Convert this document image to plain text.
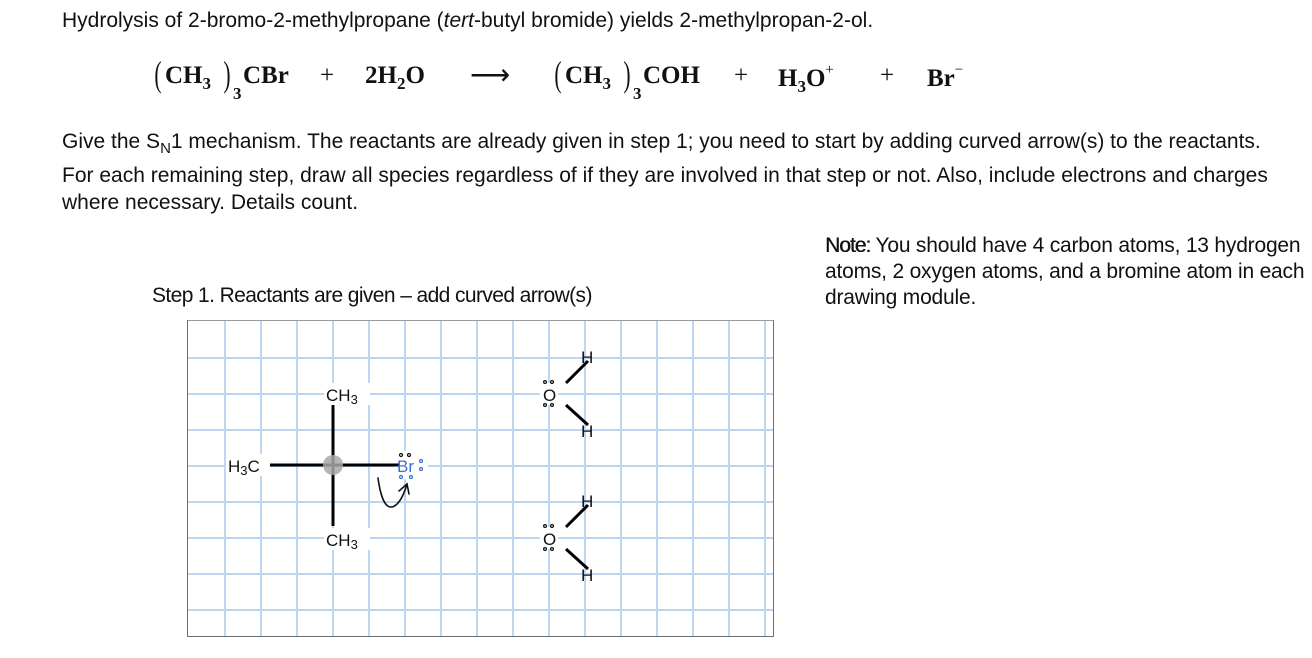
Hydrolysis of 2-bromo-2-methylpropane (tert-butyl bromide) yields 2-methylpropan-2-ol.
( $CH_3$ ) 3
CBr + $2H_2O$ ⟶ ( $CH_3$ ) 3
COH + $H_3O^+ + Br^-$
Give the $S_N1$ mechanism. The reactants are already given in step 1; you need to start by adding curved arrow(s) to the reactants. For each remaining step, draw all species regardless of if they are involved in that step or not. Also, include electrons and charges where necessary. Details count.
Note: You should have 4 carbon atoms, 13 hydrogen atoms, 2 oxygen atoms, and a bromine atom in each drawing module.
Step 1. Reactants are given – add curved arrow(s)
H3C
CH3
CH3
Br
O
H
H
O
H
H
